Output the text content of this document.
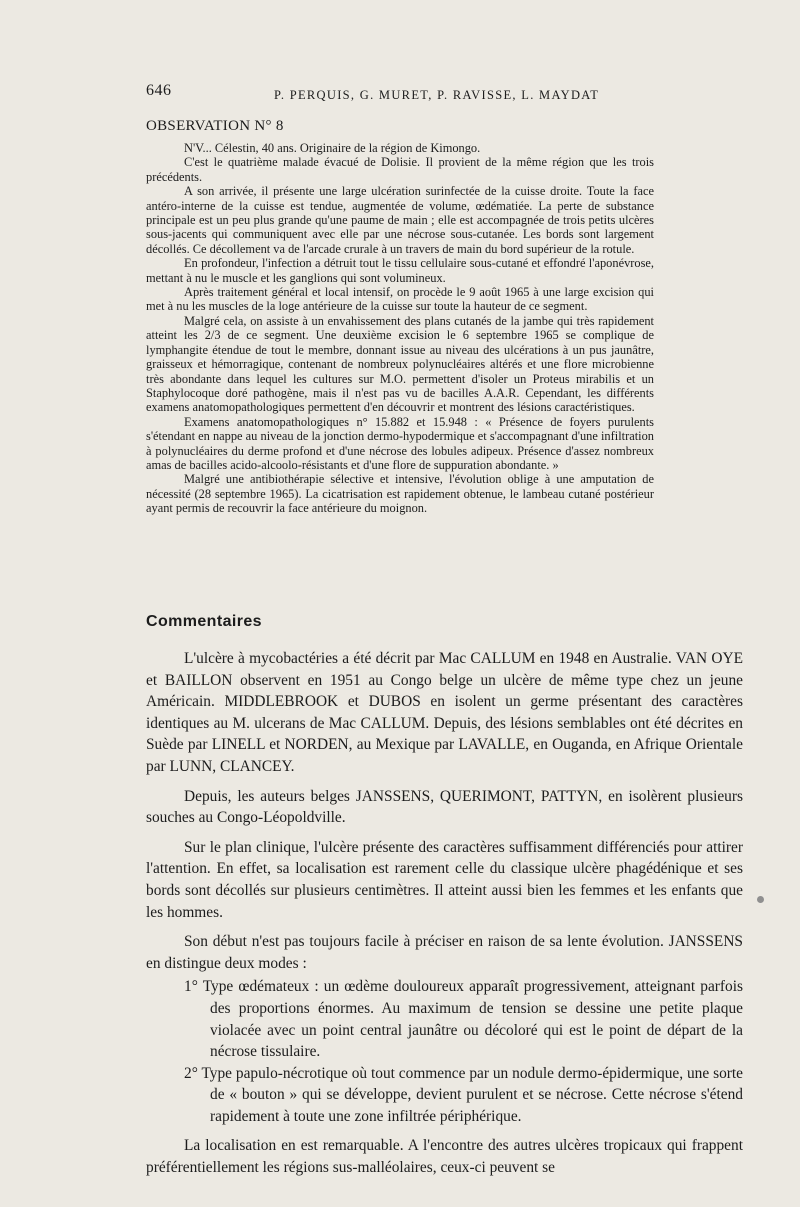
646	P. PERQUIS, G. MURET, P. RAVISSE, L. MAYDAT
OBSERVATION N° 8

N'V... Célestin, 40 ans. Originaire de la région de Kimongo.

C'est le quatrième malade évacué de Dolisie. Il provient de la même région que les trois précédents.

A son arrivée, il présente une large ulcération surinfectée de la cuisse droite. Toute la face antéro-interne de la cuisse est tendue, augmentée de volume, œdématiée. La perte de substance principale est un peu plus grande qu'une paume de main ; elle est accompagnée de trois petits ulcères sous-jacents qui communiquent avec elle par une nécrose sous-cutanée. Les bords sont largement décollés. Ce décollement va de l'arcade crurale à un travers de main du bord supérieur de la rotule.

En profondeur, l'infection a détruit tout le tissu cellulaire sous-cutané et effondré l'aponévrose, mettant à nu le muscle et les ganglions qui sont volumineux.

Après traitement général et local intensif, on procède le 9 août 1965 à une large excision qui met à nu les muscles de la loge antérieure de la cuisse sur toute la hauteur de ce segment.

Malgré cela, on assiste à un envahissement des plans cutanés de la jambe qui très rapidement atteint les 2/3 de ce segment. Une deuxième excision le 6 septembre 1965 se complique de lymphangite étendue de tout le membre, donnant issue au niveau des ulcérations à un pus jaunâtre, graisseux et hémorragique, contenant de nombreux polynucléaires altérés et une flore microbienne très abondante dans lequel les cultures sur M.O. permettent d'isoler un Proteus mirabilis et un Staphylocoque doré pathogène, mais il n'est pas vu de bacilles A.A.R. Cependant, les différents examens anatomopathologiques permettent d'en découvrir et montrent des lésions caractéristiques.

Examens anatomopathologiques n° 15.882 et 15.948 : « Présence de foyers purulents s'étendant en nappe au niveau de la jonction dermo-hypodermique et s'accompagnant d'une infiltration à polynucléaires du derme profond et d'une nécrose des lobules adipeux. Présence d'assez nombreux amas de bacilles acido-alcoolo-résistants et d'une flore de suppuration abondante. »

Malgré une antibiothérapie sélective et intensive, l'évolution oblige à une amputation de nécessité (28 septembre 1965). La cicatrisation est rapidement obtenue, le lambeau cutané postérieur ayant permis de recouvrir la face antérieure du moignon.

Commentaires

L'ulcère à mycobactéries a été décrit par Mac CALLUM en 1948 en Australie. VAN OYE et BAILLON observent en 1951 au Congo belge un ulcère de même type chez un jeune Américain. MIDDLEBROOK et DUBOS en isolent un germe présentant des caractères identiques au M. ulcerans de Mac CALLUM. Depuis, des lésions semblables ont été décrites en Suède par LINELL et NORDEN, au Mexique par LAVALLE, en Ouganda, en Afrique Orientale par LUNN, CLANCEY.

Depuis, les auteurs belges JANSSENS, QUERIMONT, PATTYN, en isolèrent plusieurs souches au Congo-Léopoldville.

Sur le plan clinique, l'ulcère présente des caractères suffisamment différenciés pour attirer l'attention. En effet, sa localisation est rarement celle du classique ulcère phagédénique et ses bords sont décollés sur plusieurs centimètres. Il atteint aussi bien les femmes et les enfants que les hommes.

Son début n'est pas toujours facile à préciser en raison de sa lente évolution. JANSSENS en distingue deux modes :

1° Type œdémateux : un œdème douloureux apparaît progressivement, atteignant parfois des proportions énormes. Au maximum de tension se dessine une petite plaque violacée avec un point central jaunâtre ou décoloré qui est le point de départ de la nécrose tissulaire.

2° Type papulo-nécrotique où tout commence par un nodule dermo-épidermique, une sorte de « bouton » qui se développe, devient purulent et se nécrose. Cette nécrose s'étend rapidement à toute une zone infiltrée périphérique.

La localisation en est remarquable. A l'encontre des autres ulcères tropicaux qui frappent préférentiellement les régions sus-malléolaires, ceux-ci peuvent se
